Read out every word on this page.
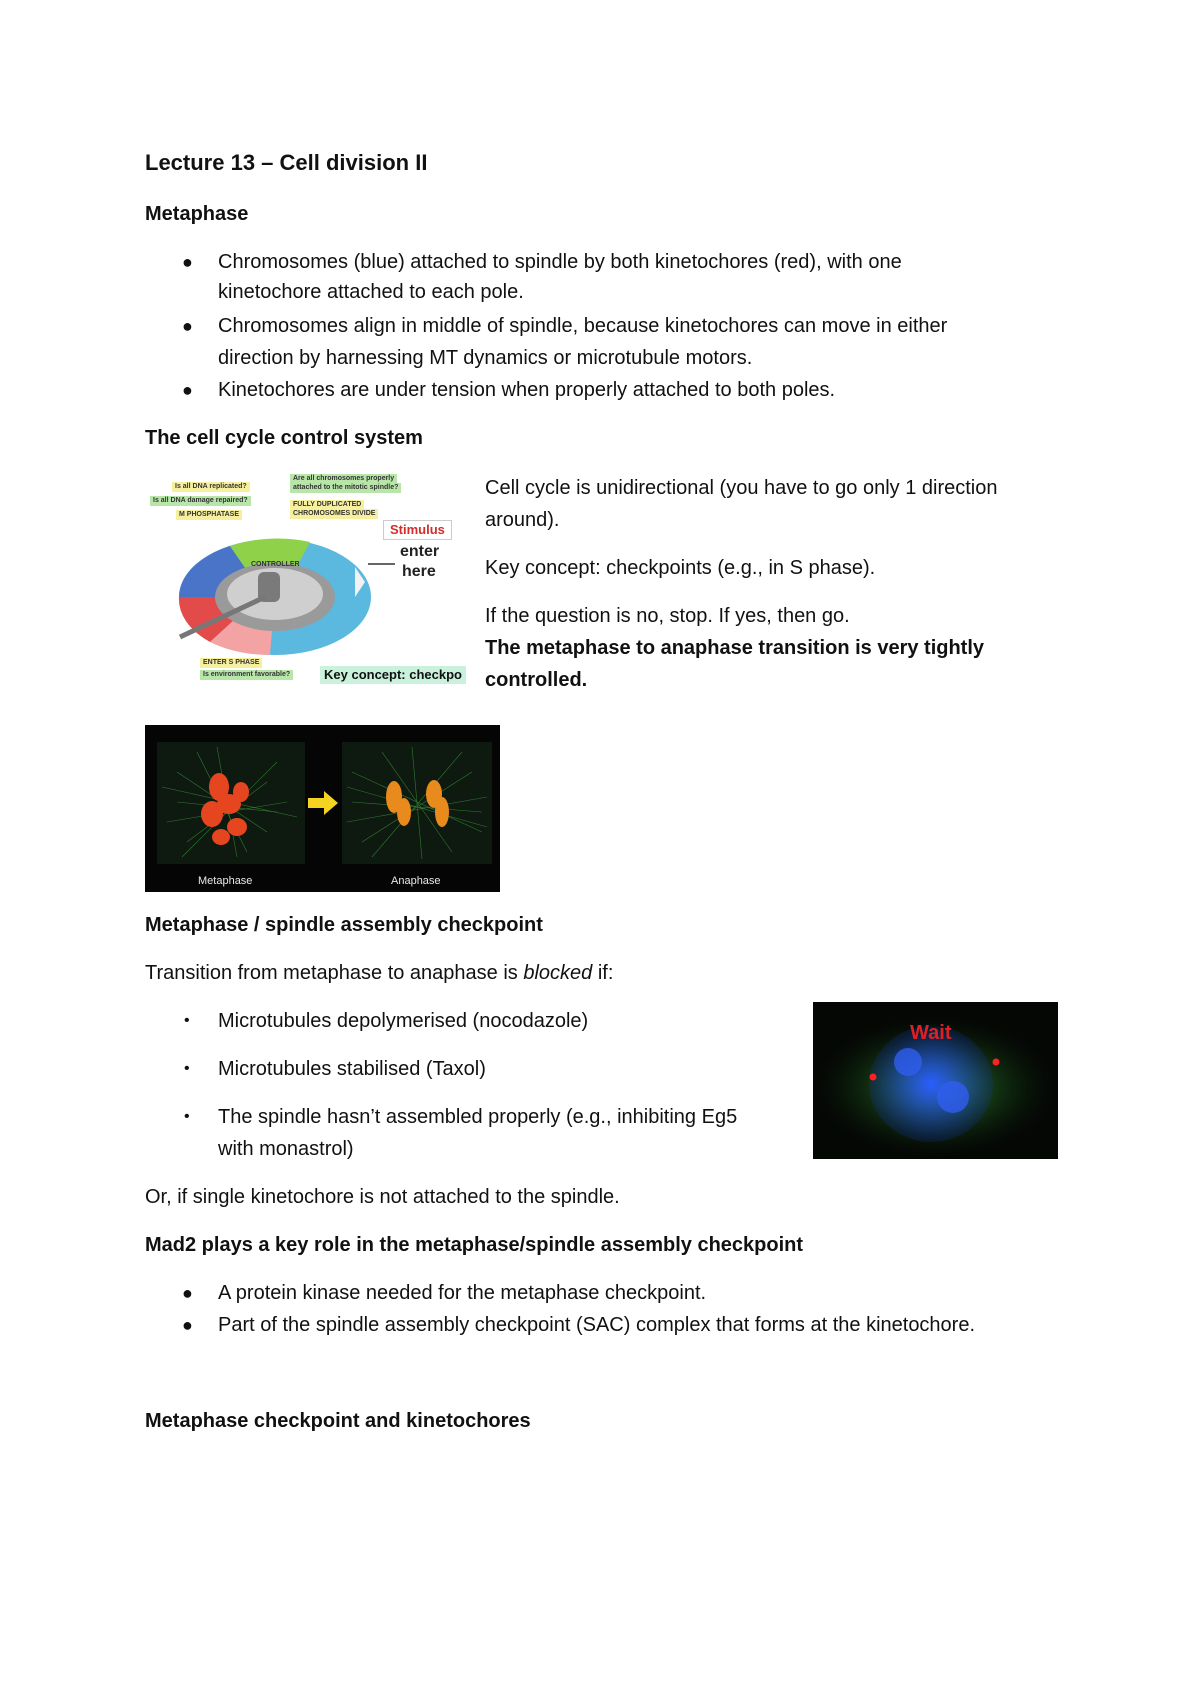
Lecture 13 – Cell division II
Metaphase
● Chromosomes (blue) attached to spindle by both kinetochores (red), with one
kinetochore attached to each pole.
● Chromosomes align in middle of spindle, because kinetochores can move in either
direction by harnessing MT dynamics or microtubule motors.
● Kinetochores are under tension when properly attached to both poles.
The cell cycle control system
Is all DNA replicated?
Is all DNA damage repaired?
M PHOSPHATASE
Are all chromosomes properly
attached to the mitotic spindle?
FULLY DUPLICATED
CHROMOSOMES DIVIDE
CONTROLLER
ENTER S PHASE
Is environment favorable?
Stimulus
enter
here
Key concept: checkpo
Cell cycle is unidirectional (you have to go only 1 direction
around).
Key concept: checkpoints (e.g., in S phase).
If the question is no, stop. If yes, then go.
The metaphase to anaphase transition is very tightly
controlled.
Metaphase	Anaphase
Metaphase / spindle assembly checkpoint
Transition from metaphase to anaphase is blocked if:
• Microtubules depolymerised (nocodazole)
• Microtubules stabilised (Taxol)
• The spindle hasn’t assembled properly (e.g., inhibiting Eg5
with monastrol)
Wait
Or, if single kinetochore is not attached to the spindle.
Mad2 plays a key role in the metaphase/spindle assembly checkpoint
● A protein kinase needed for the metaphase checkpoint.
● Part of the spindle assembly checkpoint (SAC) complex that forms at the kinetochore.
Metaphase checkpoint and kinetochores
